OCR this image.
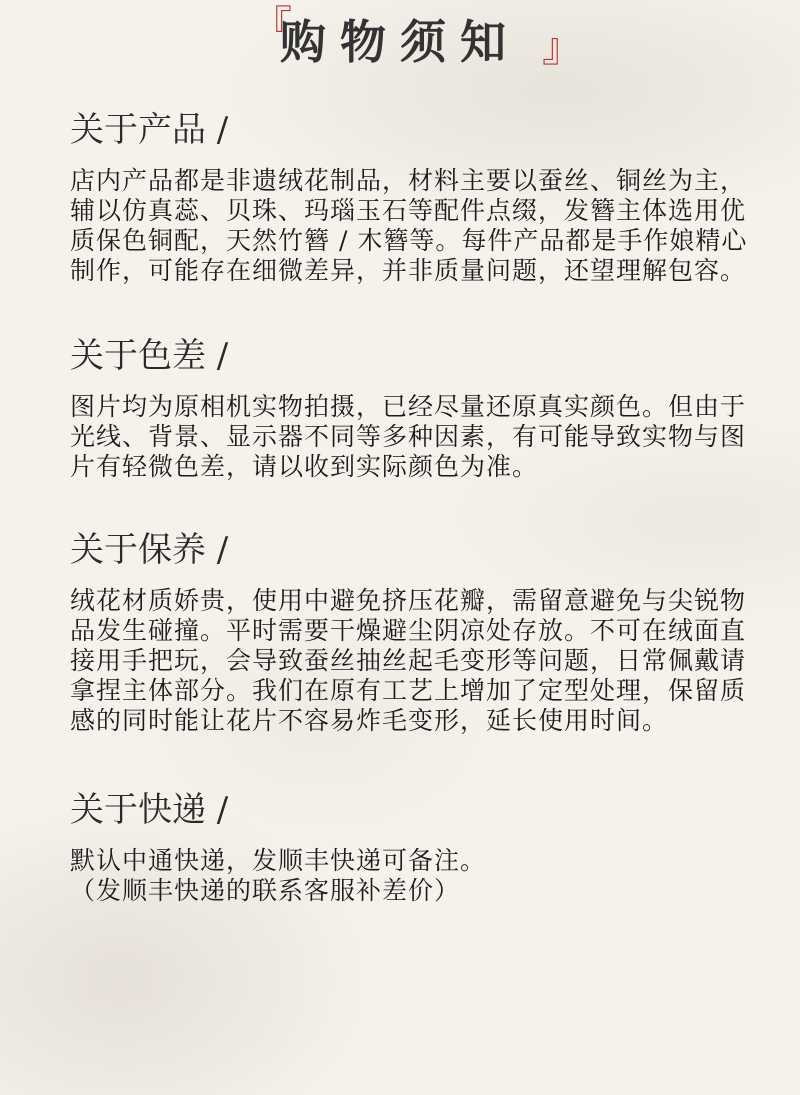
『
购物须知 』
关于产品 /

店内产品都是非遗绒花制品，材料主要以蚕丝、铜丝为主，辅以仿真蕊、贝珠、玛瑙玉石等配件点缀，发簪主体选用优质保色铜配，天然竹簪 / 木簪等。每件产品都是手作娘精心制作，可能存在细微差异，并非质量问题，还望理解包容。

关于色差 /

图片均为原相机实物拍摄，已经尽量还原真实颜色。但由于光线、背景、显示器不同等多种因素，有可能导致实物与图片有轻微色差，请以收到实际颜色为准。

关于保养 /

绒花材质娇贵，使用中避免挤压花瓣，需留意避免与尖锐物品发生碰撞。平时需要干燥避尘阴凉处存放。不可在绒面直接用手把玩，会导致蚕丝抽丝起毛变形等问题，日常佩戴请拿捏主体部分。我们在原有工艺上增加了定型处理，保留质感的同时能让花片不容易炸毛变形，延长使用时间。

关于快递 /

默认中通快递，发顺丰快递可备注。
（发顺丰快递的联系客服补差价）
